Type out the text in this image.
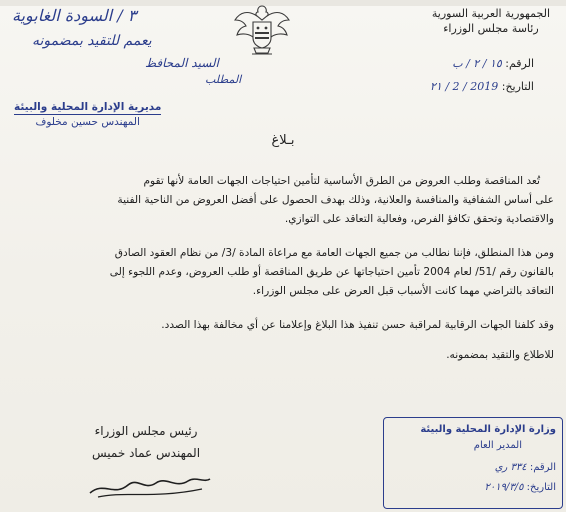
الجمهورية العربية السورية
رئاسة مجلس الوزراء
الرقم: ١٥ / ٢ / ب
التاريخ: 2019 / 2 / ٢١
٣ / السودة الغابوية
يعمم للتقيد بمضمونه
السيد المحافظ
المطلب
مديرية الإدارة المحلية والبيئة
المهندس حسين مخلوف
بـلاغ
تُعد المناقصة وطلب العروض من الطرق الأساسية لتأمين احتياجات الجهات العامة لأنها تقوم
على أساس الشفافية والمنافسة والعلانية، وذلك بهدف الحصول على أفضل العروض من الناحية الفنية
والاقتصادية وتحقق تكافؤ الفرص، وفعالية التعاقد على التوازي.
ومن هذا المنطلق، فإننا نطالب من جميع الجهات العامة مع مراعاة المادة /3/ من نظام العقود الصادق
بالقانون رقم /51/ لعام 2004 تأمين احتياجاتها عن طريق المناقصة أو طلب العروض، وعدم اللجوء إلى
التعاقد بالتراضي مهما كانت الأسباب قبل العرض على مجلس الوزراء.
وقد كلفنا الجهات الرقابية لمراقبة حسن تنفيذ هذا البلاغ وإعلامنا عن أي مخالفة بهذا الصدد.
للاطلاع والتقيد بمضمونه.
رئيس مجلس الوزراء
المهندس عماد خميس
وزارة الإدارة المحلية والبيئة
المدير العام
الرقم: ٣٣٤ ري
التاريخ: ٢٠١٩/٣/٥
